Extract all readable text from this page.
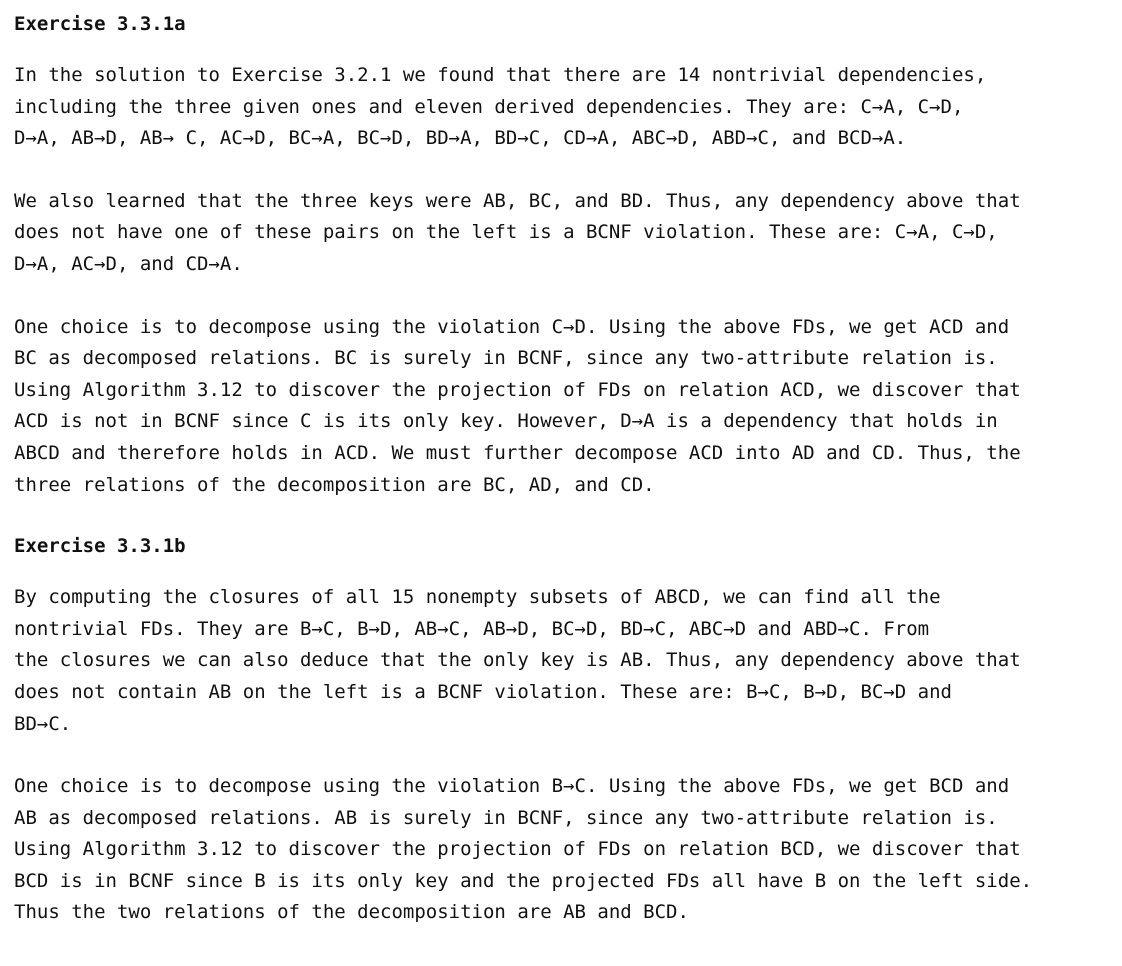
Exercise 3.3.1a

In the solution to Exercise 3.2.1 we found that there are 14 nontrivial dependencies,
including the three given ones and eleven derived dependencies. They are: C→A, C→D,
D→A, AB→D, AB→ C, AC→D, BC→A, BC→D, BD→A, BD→C, CD→A, ABC→D, ABD→C, and BCD→A.

We also learned that the three keys were AB, BC, and BD. Thus, any dependency above that
does not have one of these pairs on the left is a BCNF violation. These are: C→A, C→D,
D→A, AC→D, and CD→A.

One choice is to decompose using the violation C→D. Using the above FDs, we get ACD and
BC as decomposed relations. BC is surely in BCNF, since any two-attribute relation is.
Using Algorithm 3.12 to discover the projection of FDs on relation ACD, we discover that
ACD is not in BCNF since C is its only key. However, D→A is a dependency that holds in
ABCD and therefore holds in ACD. We must further decompose ACD into AD and CD. Thus, the
three relations of the decomposition are BC, AD, and CD.

Exercise 3.3.1b

By computing the closures of all 15 nonempty subsets of ABCD, we can find all the
nontrivial FDs. They are B→C, B→D, AB→C, AB→D, BC→D, BD→C, ABC→D and ABD→C. From
the closures we can also deduce that the only key is AB. Thus, any dependency above that
does not contain AB on the left is a BCNF violation. These are: B→C, B→D, BC→D and
BD→C.

One choice is to decompose using the violation B→C. Using the above FDs, we get BCD and
AB as decomposed relations. AB is surely in BCNF, since any two-attribute relation is.
Using Algorithm 3.12 to discover the projection of FDs on relation BCD, we discover that
BCD is in BCNF since B is its only key and the projected FDs all have B on the left side.
Thus the two relations of the decomposition are AB and BCD.
